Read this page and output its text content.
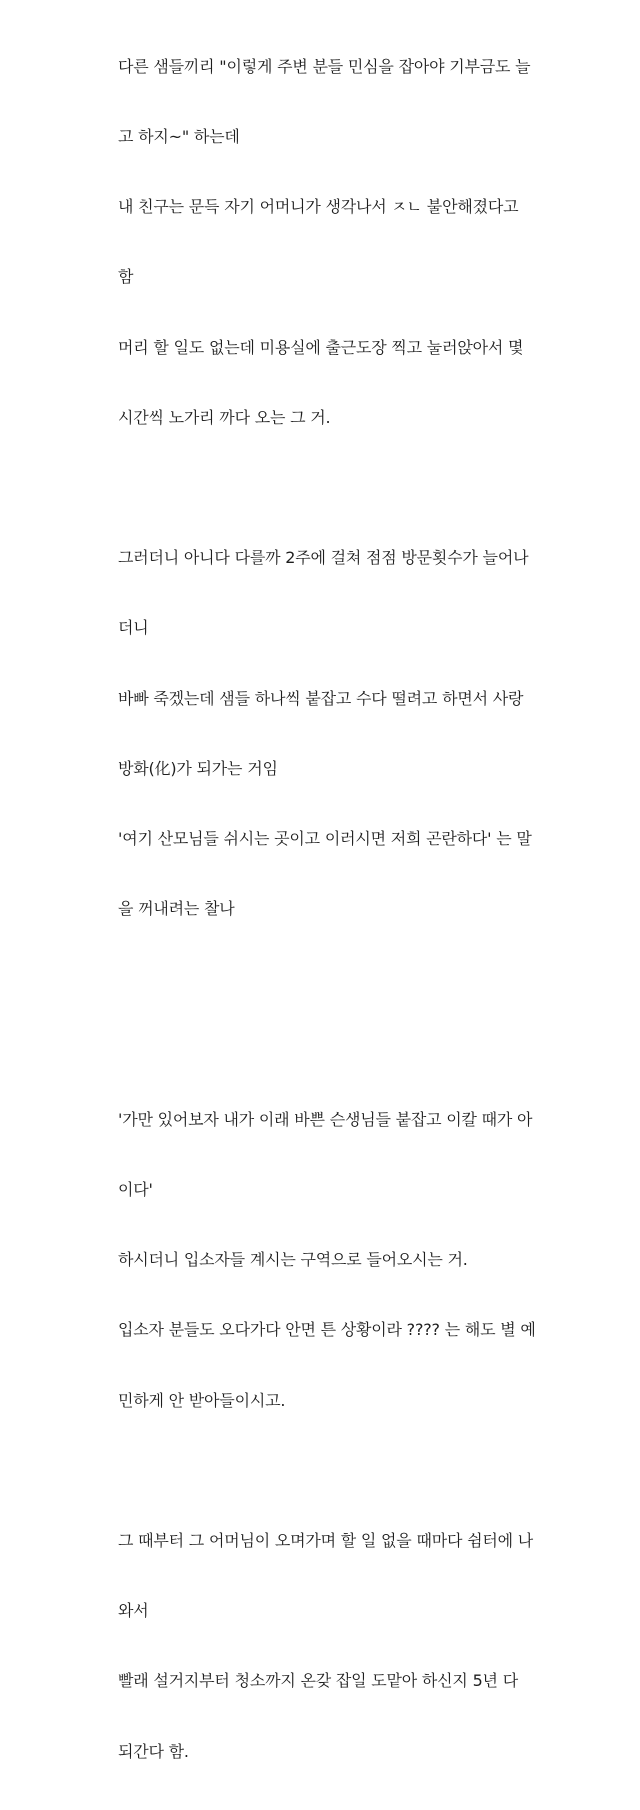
다른 샘들끼리 "이렇게 주변 분들 민심을 잡아야 기부금도 늘

고 하지~" 하는데

내 친구는 문득 자기 어머니가 생각나서 ㅈㄴ 불안해졌다고

함

머리 할 일도 없는데 미용실에 출근도장 찍고 눌러앉아서 몇

시간씩 노가리 까다 오는 그 거.

그러더니 아니다 다를까 2주에 걸쳐 점점 방문횟수가 늘어나

더니

바빠 죽겠는데 샘들 하나씩 붙잡고 수다 떨려고 하면서 사랑

방화(化)가 되가는 거임

'여기 산모님들 쉬시는 곳이고 이러시면 저희 곤란하다' 는 말

을 꺼내려는 찰나

'가만 있어보자 내가 이래 바쁜 슨생님들 붙잡고 이칼 때가 아

이다'

하시더니 입소자들 계시는 구역으로 들어오시는 거.

입소자 분들도 오다가다 안면 튼 상황이라 ???? 는 해도 별 예

민하게 안 받아들이시고.

그 때부터 그 어머님이 오며가며 할 일 없을 때마다 쉼터에 나

와서

빨래 설거지부터 청소까지 온갖 잡일 도맡아 하신지 5년 다

되간다 함.
